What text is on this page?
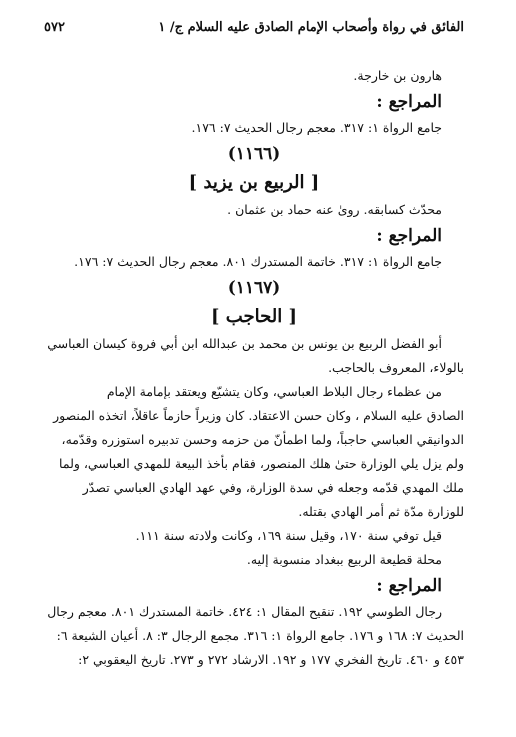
الفائق في رواة وأصحاب الإمام الصادق عليه السلام ج/ ١
٥٧٢
هارون بن خارجة.
المراجع :
جامع الرواة ١: ٣١٧. معجم رجال الحديث ٧: ١٧٦.
(١١٦٦)
[ الربيع بن يزيد ]
محدّث كسابقه. روىٰ عنه حماد بن عثمان .
المراجع :
جامع الرواة ١: ٣١٧. خاتمة المستدرك ٨٠١. معجم رجال الحديث ٧: ١٧٦.
(١١٦٧)
[ الحاجب ]
أبو الفضل الربيع بن يونس بن محمد بن عبدالله ابن أبي فروة كيسان العباسي
بالولاء، المعروف بالحاجب.
من عظماء رجال البلاط العباسي، وكان يتشيّع ويعتقد بإمامة الإمام
الصادق عليه السلام ، وكان حسن الاعتقاد. كان وزيراً حازماً عاقلاً، اتخذه المنصور
الدوانيقي العباسي حاجباً، ولما اطمأنّ من حزمه وحسن تدبيره استوزره وقدّمه،
ولم يزل يلي الوزارة حتىٰ هلك المنصور، فقام بأخذ البيعة للمهدي العباسي، ولما
ملك المهدي قدّمه وجعله في سدة الوزارة، وفي عهد الهادي العباسي تصدّر
للوزارة مدّة ثم أمر الهادي بقتله.
قيل توفي سنة ١٧٠، وقيل سنة ١٦٩، وكانت ولادته سنة ١١١.
محلة قطيعة الربيع ببغداد منسوبة إليه.
المراجع :
رجال الطوسي ١٩٢. تنقيح المقال ١: ٤٢٤. خاتمة المستدرك ٨٠١. معجم رجال
الحديث ٧: ١٦٨ و ١٧٦. جامع الرواة ١: ٣١٦. مجمع الرجال ٣: ٨. أعيان الشيعة ٦:
٤٥٣ و ٤٦٠. تاريخ الفخري ١٧٧ و ١٩٢. الارشاد ٢٧٢ و ٢٧٣. تاريخ اليعقوبي ٢:
